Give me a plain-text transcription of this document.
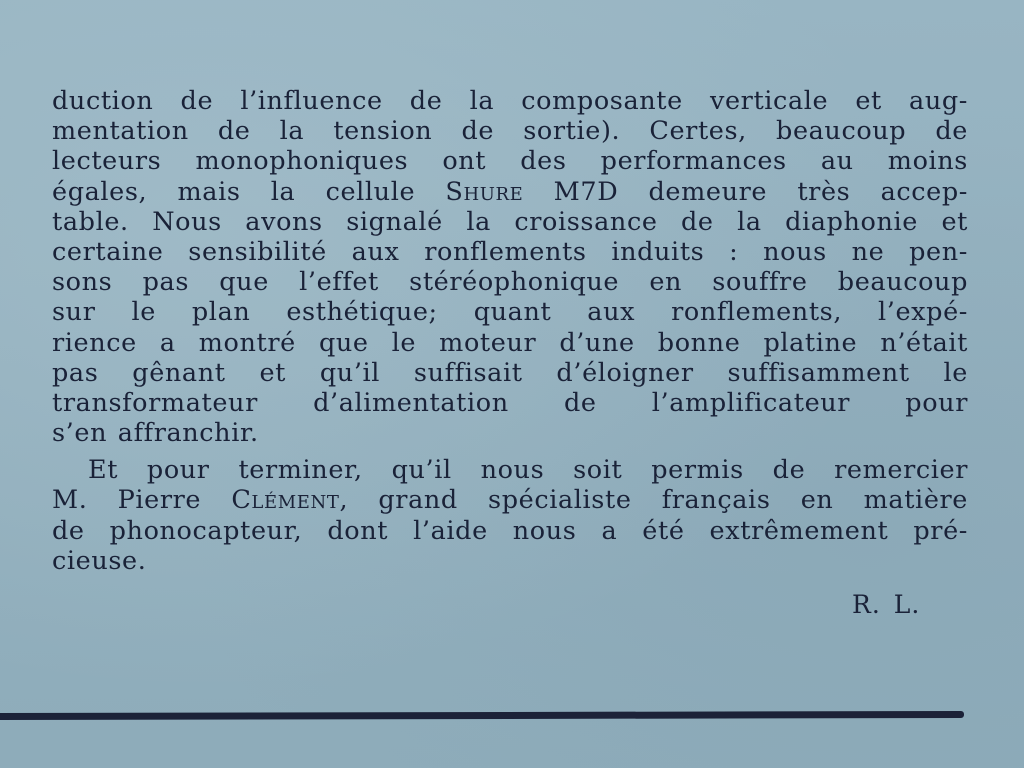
duction de l’influence de la composante verticale et aug-
mentation de la tension de sortie). Certes, beaucoup de
lecteurs monophoniques ont des performances au moins
égales, mais la cellule Shure M7D demeure très accep-
table. Nous avons signalé la croissance de la diaphonie et
certaine sensibilité aux ronflements induits : nous ne pen-
sons pas que l’effet stéréophonique en souffre beaucoup
sur le plan esthétique; quant aux ronflements, l’expé-
rience a montré que le moteur d’une bonne platine n’était
pas gênant et qu’il suffisait d’éloigner suffisamment le
transformateur d’alimentation de l’amplificateur pour
s’en affranchir.

Et pour terminer, qu’il nous soit permis de remercier
M. Pierre Clément, grand spécialiste français en matière
de phonocapteur, dont l’aide nous a été extrêmement pré-
cieuse.

R. L.
